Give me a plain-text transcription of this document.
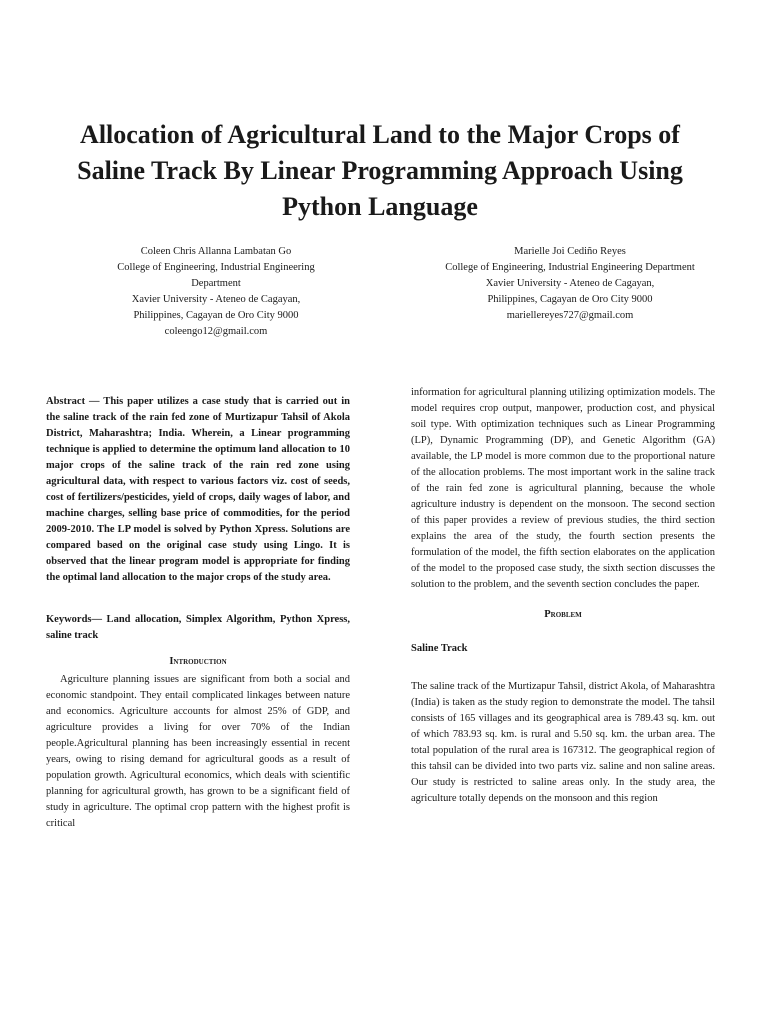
Allocation of Agricultural Land to the Major Crops of Saline Track By Linear Programming Approach Using Python Language
Coleen Chris Allanna Lambatan Go
College of Engineering, Industrial Engineering Department
Xavier University - Ateneo de Cagayan,
Philippines, Cagayan de Oro City 9000
coleengo12@gmail.com
Marielle Joi Cediño Reyes
College of Engineering, Industrial Engineering Department
Xavier University - Ateneo de Cagayan,
Philippines, Cagayan de Oro City 9000
mariellereyes727@gmail.com

Abstract — This paper utilizes a case study that is carried out in the saline track of the rain fed zone of Murtizapur Tahsil of Akola District, Maharashtra; India. Wherein, a Linear programming technique is applied to determine the optimum land allocation to 10 major crops of the saline track of the rain red zone using agricultural data, with respect to various factors viz. cost of seeds, cost of fertilizers/pesticides, yield of crops, daily wages of labor, and machine charges, selling base price of commodities, for the period 2009-2010. The LP model is solved by Python Xpress. Solutions are compared based on the original case study using Lingo. It is observed that the linear program model is appropriate for finding the optimal land allocation to the major crops of the study area.

Keywords— Land allocation, Simplex Algorithm, Python Xpress, saline track

Introduction

Agriculture planning issues are significant from both a social and economic standpoint. They entail complicated linkages between nature and economics. Agriculture accounts for almost 25% of GDP, and agriculture provides a living for over 70% of the Indian people.Agricultural planning has been increasingly essential in recent years, owing to rising demand for agricultural goods as a result of population growth. Agricultural economics, which deals with scientific planning for agricultural growth, has grown to be a significant field of study in agriculture. The optimal crop pattern with the highest profit is critical

information for agricultural planning utilizing optimization models. The model requires crop output, manpower, production cost, and physical soil type. With optimization techniques such as Linear Programming (LP), Dynamic Programming (DP), and Genetic Algorithm (GA) available, the LP model is more common due to the proportional nature of the allocation problems. The most important work in the saline track of the rain fed zone is agricultural planning, because the whole agriculture industry is dependent on the monsoon. The second section of this paper provides a review of previous studies, the third section explains the area of the study, the fourth section presents the formulation of the model, the fifth section elaborates on the application of the model to the proposed case study, the sixth section discusses the solution to the problem, and the seventh section concludes the paper.

Problem
Saline Track

The saline track of the Murtizapur Tahsil, district Akola, of Maharashtra (India) is taken as the study region to demonstrate the model. The tahsil consists of 165 villages and its geographical area is 789.43 sq. km. out of which 783.93 sq. km. is rural and 5.50 sq. km. the urban area. The total population of the rural area is 167312. The geographical region of this tahsil can be divided into two parts viz. saline and non saline areas. Our study is restricted to saline areas only. In the study area, the agriculture totally depends on the monsoon and this region
